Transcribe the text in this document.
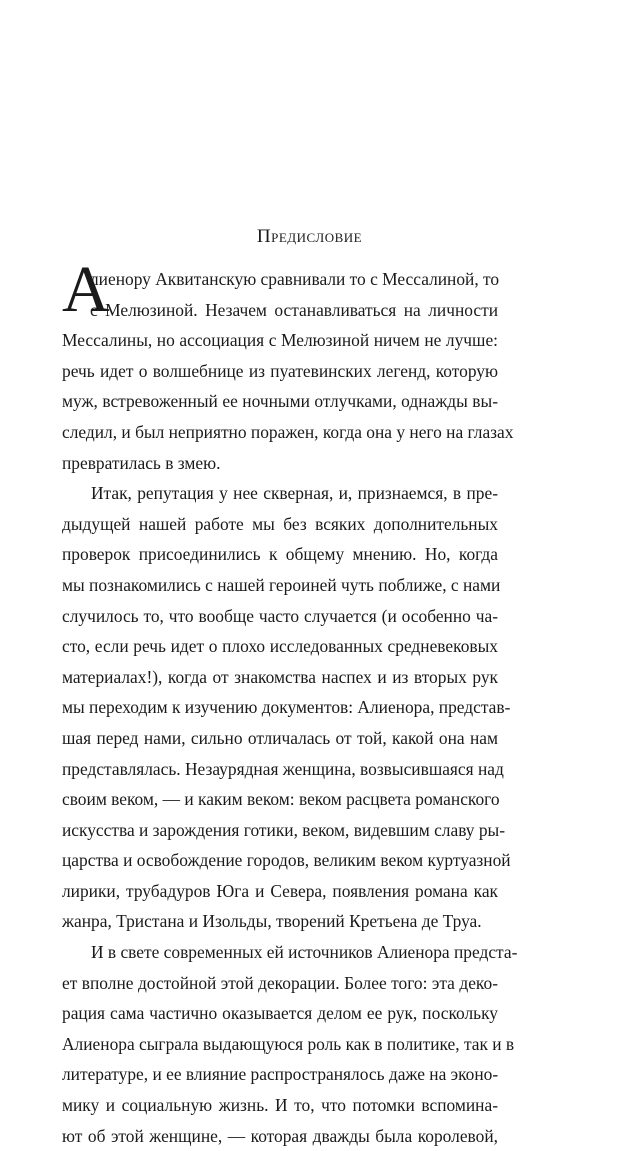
Предисловие
А
лиенору Аквитанскую сравнивали то с Мессалиной, то
с Мелюзиной. Незачем останавливаться на личности
Мессалины, но ассоциация с Мелюзиной ничем не лучше:
речь идет о волшебнице из пуатевинских легенд, которую
муж, встревоженный ее ночными отлучками, однажды вы-
следил, и был неприятно поражен, когда она у него на глазах
превратилась в змею.
Итак, репутация у нее скверная, и, признаемся, в пре-
дыдущей нашей работе мы без всяких дополнительных
проверок присоединились к общему мнению. Но, когда
мы познакомились с нашей героиней чуть поближе, с нами
случилось то, что вообще часто случается (и особенно ча-
сто, если речь идет о плохо исследованных средневековых
материалах!), когда от знакомства наспех и из вторых рук
мы переходим к изучению документов: Алиенора, представ-
шая перед нами, сильно отличалась от той, какой она нам
представлялась. Незаурядная женщина, возвысившаяся над
своим веком, — и каким веком: веком расцвета романского
искусства и зарождения готики, веком, видевшим славу ры-
царства и освобождение городов, великим веком куртуазной
лирики, трубадуров Юга и Севера, появления романа как
жанра, Тристана и Изольды, творений Кретьена де Труа.
И в свете современных ей источников Алиенора предста-
ет вполне достойной этой декорации. Более того: эта деко-
рация сама частично оказывается делом ее рук, поскольку
Алиенора сыграла выдающуюся роль как в политике, так и в
литературе, и ее влияние распространялось даже на эконо-
мику и социальную жизнь. И то, что потомки вспомина-
ют об этой женщине, — которая дважды была королевой,
